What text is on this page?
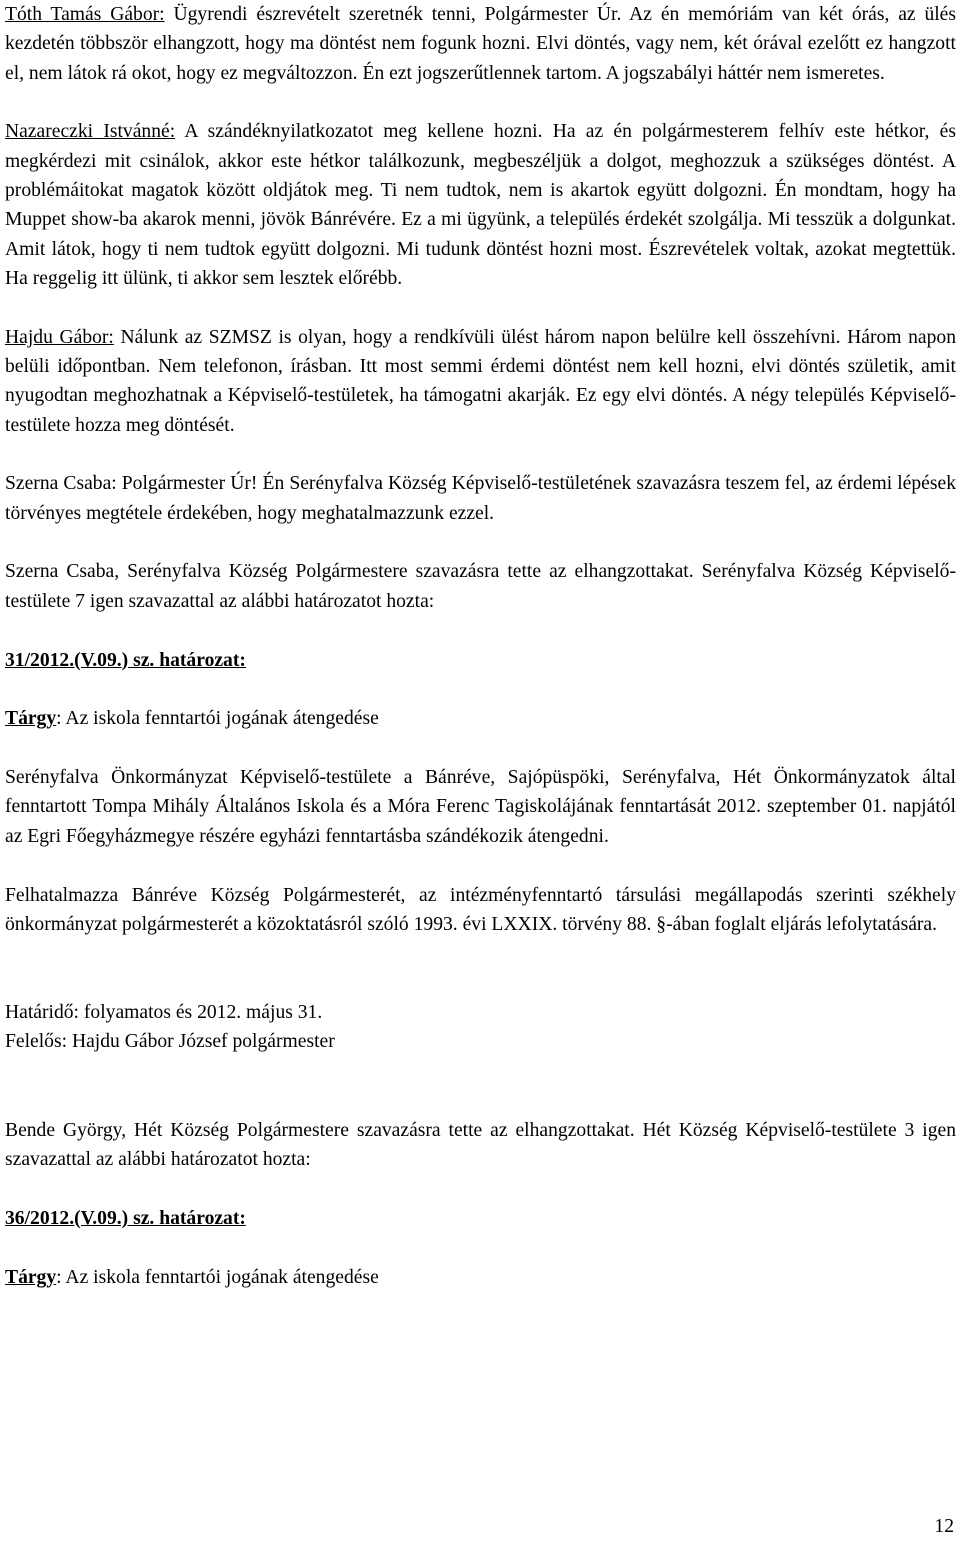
Tóth Tamás Gábor: Ügyrendi észrevételt szeretnék tenni, Polgármester Úr. Az én memóriám van két órás, az ülés kezdetén többször elhangzott, hogy ma döntést nem fogunk hozni. Elvi döntés, vagy nem, két órával ezelőtt ez hangzott el, nem látok rá okot, hogy ez megváltozzon. Én ezt jogszerűtlennek tartom. A jogszabályi háttér nem ismeretes.

Nazareczki Istvánné: A szándéknyilatkozatot meg kellene hozni. Ha az én polgármesterem felhív este hétkor, és megkérdezi mit csinálok, akkor este hétkor találkozunk, megbeszéljük a dolgot, meghozzuk a szükséges döntést. A problémáitokat magatok között oldjátok meg. Ti nem tudtok, nem is akartok együtt dolgozni. Én mondtam, hogy ha Muppet show-ba akarok menni, jövök Bánrévére. Ez a mi ügyünk, a település érdekét szolgálja. Mi tesszük a dolgunkat. Amit látok, hogy ti nem tudtok együtt dolgozni. Mi tudunk döntést hozni most. Észrevételek voltak, azokat megtettük. Ha reggelig itt ülünk, ti akkor sem lesztek előrébb.

Hajdu Gábor: Nálunk az SZMSZ is olyan, hogy a rendkívüli ülést három napon belülre kell összehívni. Három napon belüli időpontban. Nem telefonon, írásban. Itt most semmi érdemi döntést nem kell hozni, elvi döntés születik, amit nyugodtan meghozhatnak a Képviselő-testületek, ha támogatni akarják. Ez egy elvi döntés. A négy település Képviselő-testülete hozza meg döntését.

Szerna Csaba: Polgármester Úr! Én Serényfalva Község Képviselő-testületének szavazásra teszem fel, az érdemi lépések törvényes megtétele érdekében, hogy meghatalmazzunk ezzel.

Szerna Csaba, Serényfalva Község Polgármestere szavazásra tette az elhangzottakat. Serényfalva Község Képviselő-testülete 7 igen szavazattal az alábbi határozatot hozta:

31/2012.(V.09.) sz. határozat:

Tárgy: Az iskola fenntartói jogának átengedése

Serényfalva Önkormányzat Képviselő-testülete a Bánréve, Sajópüspöki, Serényfalva, Hét Önkormányzatok által fenntartott Tompa Mihály Általános Iskola és a Móra Ferenc Tagiskolájának fenntartását 2012. szeptember 01. napjától az Egri Főegyházmegye részére egyházi fenntartásba szándékozik átengedni.

Felhatalmazza Bánréve Község Polgármesterét, az intézményfenntartó társulási megállapodás szerinti székhely önkormányzat polgármesterét a közoktatásról szóló 1993. évi LXXIX. törvény 88. §-ában foglalt eljárás lefolytatására.

Határidő: folyamatos és 2012. május 31.

Felelős: Hajdu Gábor József polgármester

Bende György, Hét Község Polgármestere szavazásra tette az elhangzottakat. Hét Község Képviselő-testülete 3 igen szavazattal az alábbi határozatot hozta:

36/2012.(V.09.) sz. határozat:

Tárgy: Az iskola fenntartói jogának átengedése

12
